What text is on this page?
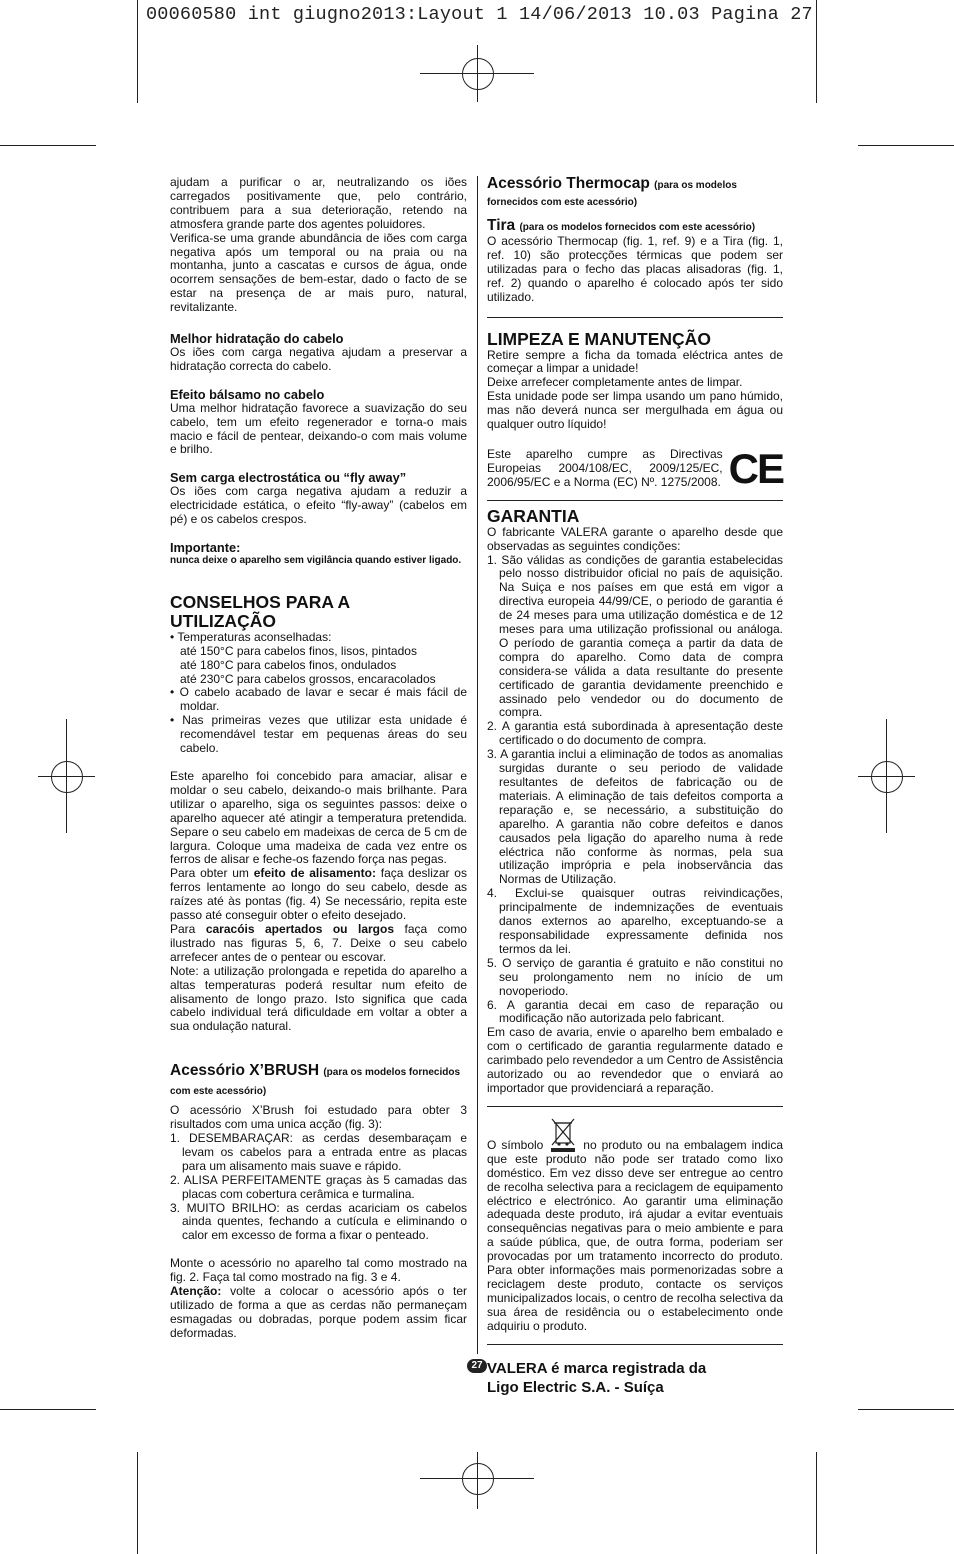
00060580 int giugno2013:Layout 1 14/06/2013 10.03 Pagina 27

ajudam a purificar o ar, neutralizando os iões carregados positivamente que, pelo contrário, contribuem para a sua deterioração, retendo na atmosfera grande parte dos agentes poluidores.

Verifica-se uma grande abundância de iões com carga negativa após um temporal ou na praia ou na montanha, junto a cascatas e cursos de água, onde ocorrem sensações de bem-estar, dado o facto de se estar na presença de ar mais puro, natural, revitalizante.

Melhor hidratação do cabelo

Os iões com carga negativa ajudam a preservar a hidratação correcta do cabelo.

Efeito bálsamo no cabelo

Uma melhor hidratação favorece a suavização do seu cabelo, tem um efeito regenerador e torna-o mais macio e fácil de pentear, deixando-o com mais volume e brilho.

Sem carga electrostática ou “fly away”

Os iões com carga negativa ajudam a reduzir a electricidade estática, o efeito “fly-away” (cabelos em pé) e os cabelos crespos.

Importante:

nunca deixe o aparelho sem vigilância quando estiver ligado.

CONSELHOS PARA A UTILIZAÇÃO

• Temperaturas aconselhadas:

até 150°C para cabelos finos, lisos, pintados

até 180°C para cabelos finos, ondulados

até 230°C para cabelos grossos, encaracolados

• O cabelo acabado de lavar e secar é mais fácil de moldar.

• Nas primeiras vezes que utilizar esta unidade é recomendável testar em pequenas áreas do seu cabelo.

Este aparelho foi concebido para amaciar, alisar e moldar o seu cabelo, deixando-o mais brilhante. Para utilizar o aparelho, siga os seguintes passos: deixe o aparelho aquecer até atingir a temperatura pretendida. Separe o seu cabelo em madeixas de cerca de 5 cm de largura. Coloque uma madeixa de cada vez entre os ferros de alisar e feche-os fazendo força nas pegas.

Para obter um efeito de alisamento: faça deslizar os ferros lentamente ao longo do seu cabelo, desde as raízes até às pontas (fig. 4) Se necessário, repita este passo até conseguir obter o efeito desejado.

Para caracóis apertados ou largos faça como ilustrado nas figuras 5, 6, 7. Deixe o seu cabelo arrefecer antes de o pentear ou escovar.

Note: a utilização prolongada e repetida do aparelho a altas temperaturas poderá resultar num efeito de alisamento de longo prazo. Isto significa que cada cabelo individual terá dificuldade em voltar a obter a sua ondulação natural.

Acessório X’BRUSH (para os modelos fornecidos com este acessório)

O acessório X’Brush foi estudado para obter 3 risultados com uma unica acção (fig. 3):

1. DESEMBARAÇAR: as cerdas desembaraçam e levam os cabelos para a entrada entre as placas para um alisamento mais suave e rápido.

2. ALISA PERFEITAMENTE graças às 5 camadas das placas com cobertura cerâmica e turmalina.

3. MUITO BRILHO: as cerdas acariciam os cabelos ainda quentes, fechando a cutícula e eliminando o calor em excesso de forma a fixar o penteado.

Monte o acessório no aparelho tal como mostrado na fig. 2. Faça tal como mostrado na fig. 3 e 4.

Atenção: volte a colocar o acessório após o ter utilizado de forma a que as cerdas não permaneçam esmagadas ou dobradas, porque podem assim ficar deformadas.

Acessório Thermocap (para os modelos fornecidos com este acessório)

Tira (para os modelos fornecidos com este acessório)

O acessório Thermocap (fig. 1, ref. 9) e a Tira (fig. 1, ref. 10) são protecções térmicas que podem ser utilizadas para o fecho das placas alisadoras (fig. 1, ref. 2) quando o aparelho é colocado após ter sido utilizado.

LIMPEZA E MANUTENÇÃO

Retire sempre a ficha da tomada eléctrica antes de começar a limpar a unidade!

Deixe arrefecer completamente antes de limpar.

Esta unidade pode ser limpa usando um pano húmido, mas não deverá nunca ser mergulhada em água ou qualquer outro líquido!

Este aparelho cumpre as Directivas Europeias 2004/108/EC, 2009/125/EC, 2006/95/EC e a Norma (EC) Nº. 1275/2008. CE

GARANTIA

O fabricante VALERA garante o aparelho desde que observadas as seguintes condições:

1. São válidas as condições de garantia estabelecidas pelo nosso distribuidor oficial no país de aquisição. Na Suiça e nos países em que está em vigor a directiva europeia 44/99/CE, o periodo de garantia é de 24 meses para uma utilização doméstica e de 12 meses para uma utilização profissional ou análoga. O período de garantia começa a partir da data de compra do aparelho. Como data de compra considera-se válida a data resultante do presente certificado de garantia devidamente preenchido e assinado pelo vendedor ou do documento de compra.

2. A garantia está subordinada à apresentação deste certificado o do documento de compra.

3. A garantia inclui a eliminação de todos as anomalias surgidas durante o seu periodo de validade resultantes de defeitos de fabricação ou de materiais. A eliminação de tais defeitos comporta a reparação e, se necessário, a substituição do aparelho. A garantia não cobre defeitos e danos causados pela ligação do aparelho numa à rede eléctrica não conforme às normas, pela sua utilização imprópria e pela inobservância das Normas de Utilização.

4. Exclui-se quaisquer outras reivindicações, principalmente de indemnizações de eventuais danos externos ao aparelho, exceptuando-se a responsabilidade expressamente definida nos termos da lei.

5. O serviço de garantia é gratuito e não constitui no seu prolongamento nem no início de um novoperiodo.

6. A garantia decai em caso de reparação ou modificação não autorizada pelo fabricant.

Em caso de avaria, envie o aparelho bem embalado e com o certificado de garantia regularmente datado e carimbado pelo revendedor a um Centro de Assistência autorizado ou ao revendedor que o enviará ao importador que providenciará a reparação.

O símbolo	no produto ou na embalagem indica que este produto não pode ser tratado como lixo doméstico. Em vez disso deve ser entregue ao centro de recolha selectiva para a reciclagem de equipamento eléctrico e electrónico. Ao garantir uma eliminação adequada deste produto, irá ajudar a evitar eventuais consequências negativas para o meio ambiente e para a saúde pública, que, de outra forma, poderiam ser provocadas por um tratamento incorrecto do produto. Para obter informações mais pormenorizadas sobre a reciclagem deste produto, contacte os serviços municipalizados locais, o centro de recolha selectiva da sua área de residência ou o estabelecimento onde adquiriu o produto.

VALERA é marca registrada da

Ligo Electric S.A. - Suíça

27
